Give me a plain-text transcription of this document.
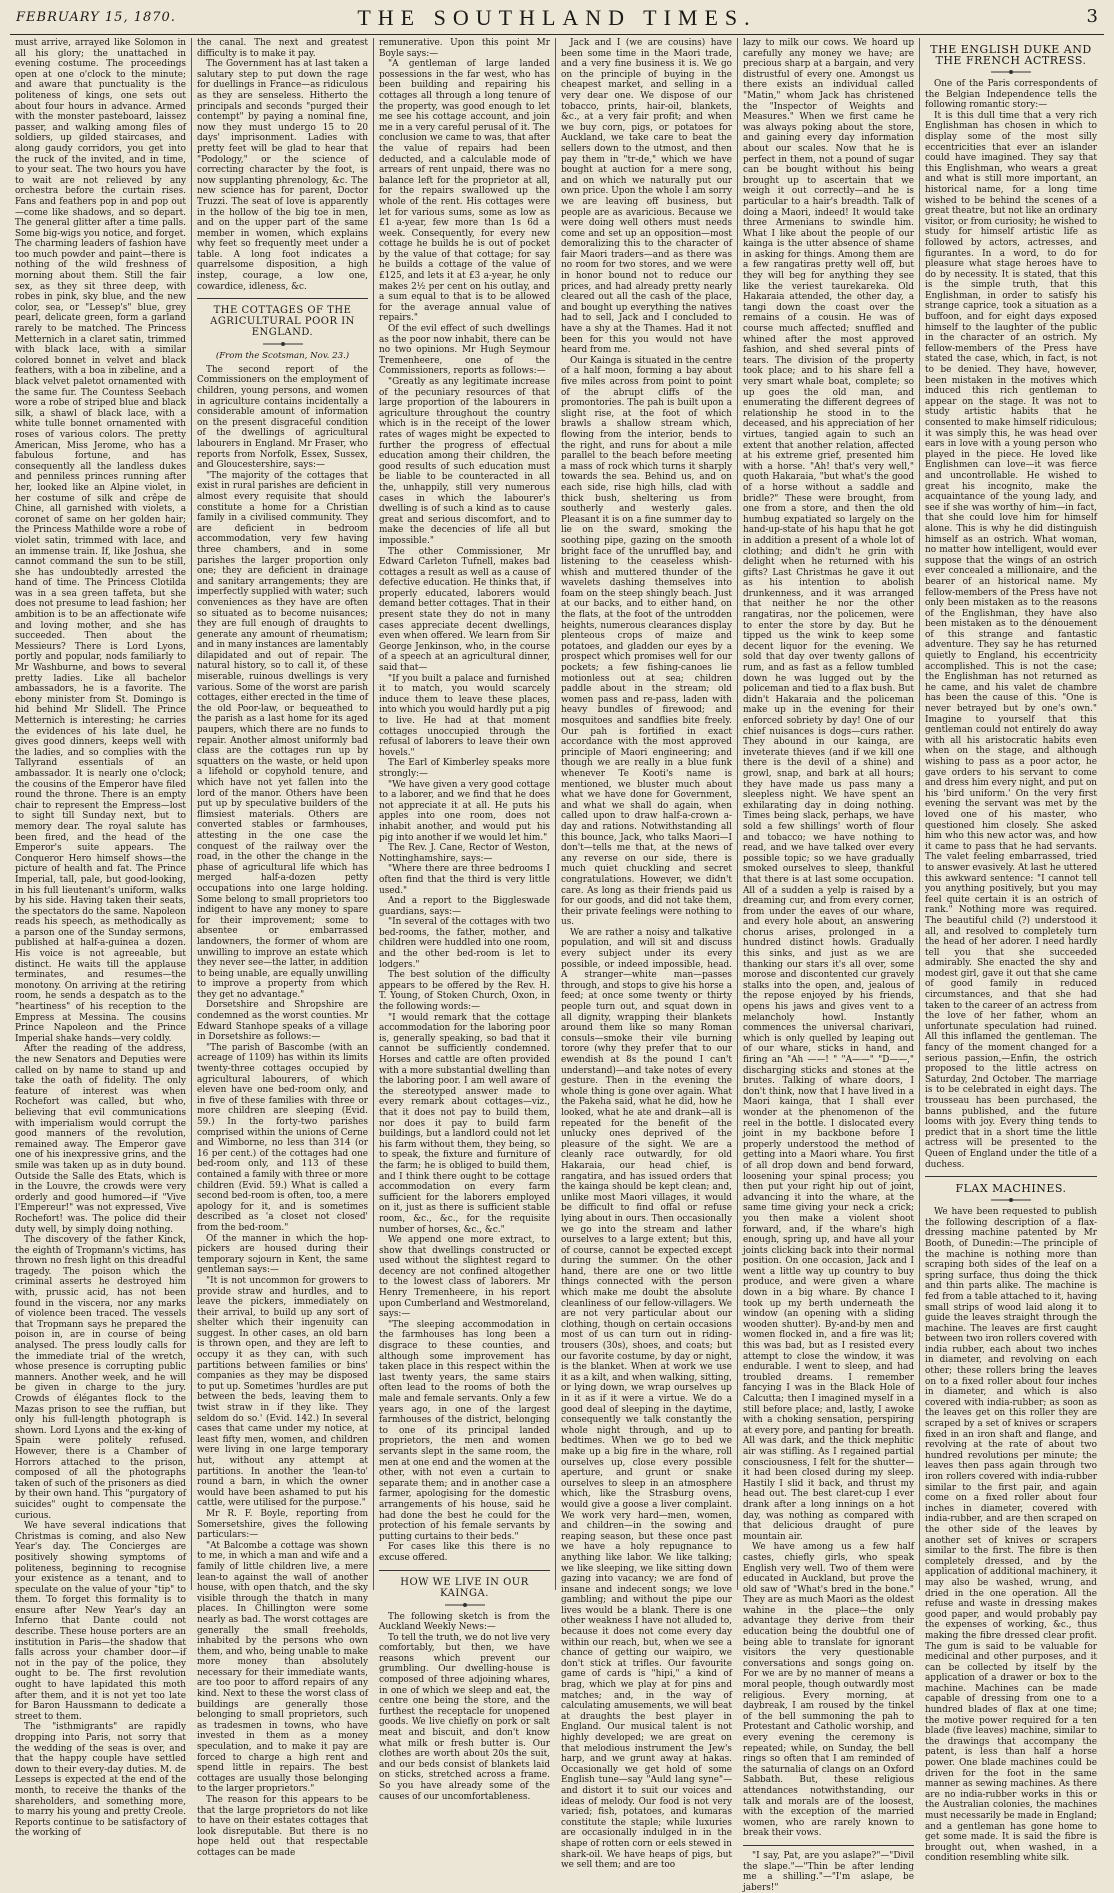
FEBRUARY 15, 1870.	THE SOUTHLAND TIMES.	3

must arrive, arrayed like Solomon in all his glory; the unattached in evening costume. The proceedings open at one o'clock to the minute; and aware that punctuality is the politeness of kings, one sets out about four hours in advance. Armed with the monster pasteboard, laissez passer, and walking among files of soldiers, up gilded staircases, and along gaudy corridors, you get into the ruck of the invited, and in time, to your seat. The two hours you have to wait are not relieved by any orchestra before the curtain rises. Fans and feathers pop in and pop out—come like shadows, and so depart. The general glitter after a time palls. Some big-wigs you notice, and forget. The charming leaders of fashion have too much powder and paint—there is nothing of the wild freshness of morning about them. Still the fair sex, as they sit three deep, with robes in pink, sky blue, and the new color, sea, or "Lessep's" blue, grey pearl, delicate green, form a garland rarely to be matched. The Princess Metternich in a claret satin, trimmed with black lace, with a similar colored bonnet in velvet and black feathers, with a boa in zibeline, and a black velvet paletot ornamented with the same fur. The Countess Seebach wore a robe of striped blue and black silk, a shawl of black lace, with a white tulle bonnet ornamented with roses of various colors. The pretty American, Miss Jerome, who has a fabulous fortune, and has consequently all the landless dukes and penniless princes running after her, looked like an Alpine violet, in her costume of silk and crêpe de Chine, all garnished with violets, a coronet of same on her golden hair; the Princess Mathilde wore a robe of violet satin, trimmed with lace, and an immense train. If, like Joshua, she cannot command the sun to be still, she has undoubtedly arrested the hand of time. The Princess Clotilda was in a sea green taffeta, but she does not presume to lead fashion; her ambition is to be an affectionate wife and loving mother, and she has succeeded. Then about the Messieurs? There is Lord Lyons, portly and popular, nods familiarly to Mr Washburne, and bows to several pretty ladies. Like all bachelor ambassadors, he is a favorite. The ebony minister from St. Domingo is hid behind Mr Slidell. The Prince Metternich is interesting; he carries the evidences of his late duel, he gives good dinners, keeps well with the ladies, and so complies with the Tallyrand essentials of an ambassador. It is nearly one o'clock; the cousins of the Emperor have filed round the throne. There is an empty chair to represent the Empress—lost to sight till Sunday next, but to memory dear. The royal salute has been fired, and the head of the Emperor's suite appears. The Conqueror Hero himself shows—the picture of health and fat. The Prince Imperial, tall, pale, but good-looking, in his full lieutenant's uniform, walks by his side. Having taken their seats, the spectators do the same. Napoleon reads his speech, as methodically as a parson one of the Sunday sermons, published at half-a-guinea a dozen. His voice is not agreeable, but distinct. He waits till the applause terminates, and resumes—the monotony. On arriving at the retiring room, he sends a despatch as to the "heartiness" of his reception to the Empress at Messina. The cousins Prince Napoleon and the Prince Imperial shake hands—very coldly.

After the reading of the address, the new Senators and Deputies were called on by name to stand up and take the oath of fidelity. The only feature of interest was when Rochefort was called, but who, believing that evil communications with imperialism would corrupt the good manners of the revolution, remained away. The Emperor gave one of his inexpressive grins, and the smile was taken up as in duty bound. Outside the Salle des Etats, which is in the Louvre, the crowds were very orderly and good humored—if "Vive l'Empereur!" was not expressed, Vive Rochefort! was. The police did their duty well, by simply doing nothing.

The discovery of the father Kinck, the eighth of Tropmann's victims, has thrown no fresh light on this dreadful tragedy. The poison which the criminal asserts he destroyed him with, prussic acid, has not been found in the viscera, nor any marks of violence been traced. The vessels that Tropmann says he prepared the poison in, are in course of being analysed. The press loudly calls for the immediate trial of the wretch, whose presence is corrupting public manners. Another week, and he will be given in charge to the jury. Crowds of élégantes flock to the Mazas prison to see the ruffian, but only his full-length photograph is shown. Lord Lyons and the ex-king of Spain were politely refused. However, there is a Chamber of Horrors attached to the prison, composed of all the photographs taken of such of the prisoners as died by their own hand. This "purgatory of suicides" ought to compensate the curious.

We have several indications that Christmas is coming, and also New Year's day. The Concierges are positively showing symptoms of politeness, beginning to recognise your existence as a tenant, and to speculate on the value of your "tip" to them. To forget this formality is to ensure after New Year's day an Inferno that Dante could not describe. These house porters are an institution in Paris—the shadow that falls across your chamber door—if not in the pay of the police, they ought to be. The first revolution ought to have lapidated this moth after them, and it is not yet too late for Baron Haussmann to dedicate a street to them.

The "isthmigrants" are rapidly dropping into Paris, not sorry that the wedding of the seas is over, and that the happy couple have settled down to their every-day duties. M. de Lesseps is expected at the end of the month, to receive the thanks of the shareholders, and something more, to marry his young and pretty Creole. Reports continue to be satisfactory of the working of

the canal. The next and greatest difficulty is to make it pay.

The Government has at last taken a salutary step to put down the rage for duellings in France—as ridiculous as they are senseless. Hitherto the principals and seconds "purged their contempt" by paying a nominal fine, now they must undergo 15 to 20 days' imprisonment. Ladies with pretty feet will be glad to hear that "Podology," or the science of correcting character by the foot, is now supplanting phrenology, &c. The new science has for parent, Doctor Truzzi. The seat of love is apparently in the hollow of the big toe in men, and on the upper part of the same member in women, which explains why feet so frequently meet under a table. A long foot indicates a quarrelsome disposition, a high instep, courage, a low one, cowardice, idleness, &c.

THE COTTAGES OF THE AGRICULTURAL POOR IN ENGLAND.
(From the Scotsman, Nov. 23.)

The second report of the Commissioners on the employment of children, young persons, and women in agriculture contains incidentally a considerable amount of information on the present disgraceful condition of the dwellings of agricultural labourers in England. Mr Fraser, who reports from Norfolk, Essex, Sussex, and Gloucestershire, says:—

"The majority of the cottages that exist in rural parishes are deficient in almost every requisite that should constitute a home for a Christian family in a civilised community. They are deficient in bedroom accommodation, very few having three chambers, and in some parishes the larger proportion only one; they are deficient in drainage and sanitary arrangements; they are imperfectly supplied with water; such conveniences as they have are often so situated as to become nuisances; they are full enough of draughts to generate any amount of rheumatism; and in many instances are lamentably dilapidated and out of repair. The natural history, so to call it, of these miserable, ruinous dwellings is very various. Some of the worst are parish cottages, either erected in the time of the old Poor-law, or bequeathed to the parish as a last home for its aged paupers, which there are no funds to repair. Another almost uniformly bad class are the cottages run up by squatters on the waste, or held upon a lifehold or copyhold tenure, and which have not yet fallen into the lord of the manor. Others have been put up by speculative builders of the flimsiest materials. Others are converted stables or farmhouses, attesting in the one case the conquest of the railway over the road, in the other the change in the phase of agricultural life which has merged half-a-dozen petty occupations into one large holding. Some belong to small proprietors too indigent to have any money to spare for their improvement; some to absentee or embarrassed landowners, the former of whom are unwilling to improve an estate which they never see—the latter, in addition to being unable, are equally unwilling to improve a property from which they get no advantage."

Dorsetshire and Shropshire are condemned as the worst counties. Mr Edward Stanhope speaks of a village in Dorsetshire as follows:—

"The parish of Bascombe (with an acreage of 1109) has within its limits twenty-three cottages occupied by agricultural labourers, of which eleven have one bed-room only, and in five of these families with three or more children are sleeping (Evid. 59.) In the forty-two parishes comprised within the unions of Cerne and Wimborne, no less than 314 (or 16 per cent.) of the cottages had one bed-room only, and 113 of these contained a family with three or more children (Evid. 59.) What is called a second bed-room is often, too, a mere apology for it, and is sometimes described as 'a closet not closed' from the bed-room."

Of the manner in which the hop-pickers are housed during their temporary sojourn in Kent, the same gentleman says:—

"It is not uncommon for growers to provide straw and hurdles, and to leave the pickers, immediately on their arrival, to build up any sort of shelter which their ingenuity can suggest. In other cases, an old barn is thrown open, and they are left to occupy it as they can, with such partitions between families or bins' companies as they may be disposed to put up. Sometimes 'hurdles are put between the beds, leaving them to twist straw in if they like. They seldom do so.' (Evid. 142.) In several cases that came under my notice, at least fifty men, women, and children were living in one large temporary hut, without any attempt at partitions. In another the 'lean-to' round a barn, in which the owner would have been ashamed to put his cattle, were utilised for the purpose."

Mr R. F. Boyle, reporting from Somersetshire, gives the following particulars:—

"At Balcombe a cottage was shown to me, in which a man and wife and a family of little children live, a mere lean-to against the wall of another house, with open thatch, and the sky visible through the thatch in many places. In Chillington were some nearly as bad. The worst cottages are generally the small freeholds, inhabited by the persons who own them, and who, being unable to make more money than absolutely necessary for their immediate wants, are too poor to afford repairs of any kind. Next to these the worst class of buildings are generally those belonging to small proprietors, such as tradesmen in towns, who have invested in them as a money speculation, and to make it pay are forced to charge a high rent and spend little in repairs. The best cottages are usually those belonging to the larger proprietors."

The reason for this appears to be that the large proprietors do not like to have on their estates cottages that look disreputable. But there is no hope held out that respectable cottages can be made

remunerative. Upon this point Mr Boyle says:—

"A gentleman of large landed possessions in the far west, who has been building and repairing his cottages all through a long tenure of the property, was good enough to let me see his cottage account, and join me in a very careful perusal of it. The conclusion we came to was, that after the value of repairs had been deducted, and a calculable mode of arrears of rent unpaid, there was no balance left for the proprietor at all, for the repairs swallowed up the whole of the rent. His cottages were let for various sums, some as low as £1 a-year, few more than 1s 6d a week. Consequently, for every new cottage he builds he is out of pocket by the value of that cottage; for say he builds a cottage of the value of £125, and lets it at £3 a-year, he only makes 2½ per cent on his outlay, and a sum equal to that is to be allowed for the average annual value of repairs."

Of the evil effect of such dwellings as the poor now inhabit, there can be no two opinions. Mr Hugh Seymour Tremenheere, one of the Commissioners, reports as follows:—

"Greatly as any legitimate increase of the pecuniary resources of that large proportion of the labourers in agriculture throughout the country which is in the receipt of the lower rates of wages might be expected to further the progress of effectual education among their children, the good results of such education must be liable to be counteracted in all the, unhappily, still very numerous cases in which the labourer's dwelling is of such a kind as to cause great and serious discomfort, and to make the decencies of life all but impossible."

The other Commissioner, Mr Edward Carleton Tufnell, makes bad cottages a result as well as a cause of defective education. He thinks that, if properly educated, laborers would demand better cottages. That in their present state they do not in many cases appreciate decent dwellings, even when offered. We learn from Sir George Jenkinson, who, in the course of a speech at an agricultural dinner, said that—

"If you built a palace and furnished it to match, you would scarcely induce them to leave these places, into which you would hardly put a pig to live. He had at that moment cottages unoccupied through the refusal of laborers to leave their own hovels."

The Earl of Kimberley speaks more strongly:—

"We have given a very good cottage to a laborer, and we find that he does not appreciate it at all. He puts his apples into one room, does not inhabit another, and would put his pig into another if we would let him."

The Rev. J. Cane, Rector of Weston, Nottinghamshire, says:—

"Where there are three bedrooms I often find that the third is very little used."

And a report to the Biggleswade guardians, says:—

"In several of the cottages with two bed-rooms, the father, mother, and children were huddled into one room, and the other bed-room is let to lodgers."

The best solution of the difficulty appears to be offered by the Rev. H. T. Young, of Stoken Church, Oxon, in the following words:—

"I would remark that the cottage accommodation for the laboring poor is, generally speaking, so bad that it cannot be sufficiently condemned. Horses and cattle are often provided with a more substantial dwelling than the laboring poor. I am well aware of the stereotyped answer made to every remark about cottages—viz., that it does not pay to build them, nor does it pay to build farm buildings, but a landlord could not let his farm without them, they being, so to speak, the fixture and furniture of the farm; he is obliged to build them, and I think there ought to be cottage accommodation on every farm sufficient for the laborers employed on it, just as there is sufficient stable room, &c., &c., for the requisite number of horses, &c., &c."

We append one more extract, to show that dwellings constructed or used without the slightest regard to decency are not confined altogether to the lowest class of laborers. Mr Henry Tremenheere, in his report upon Cumberland and Westmoreland, says:—

"The sleeping accommodation in the farmhouses has long been a disgrace to these counties, and although some improvement has taken place in this respect within the last twenty years, the same stairs often lead to the rooms of both the male and female servants. Only a few years ago, in one of the largest farmhouses of the district, belonging to one of its principal landed proprietors, the men and women servants slept in the same room, the men at one end and the women at the other, with not even a curtain to separate them; and in another case a farmer, apologising for the domestic arrangements of his house, said he had done the best he could for the protection of his female servants by putting curtains to their beds."

For cases like this there is no excuse offered.

HOW WE LIVE IN OUR KAINGA.

The following sketch is from the Auckland Weekly News:—

To tell the truth, we do not live very comfortably, but then, we have reasons which prevent our grumbling. Our dwelling-house is composed of three adjoining whares, in one of which we sleep and eat, the centre one being the store, and the furthest the receptacle for unopened goods. We live chiefly on pork or salt meat and biscuit, and don't know what milk or fresh butter is. Our clothes are worth about 20s the suit, and our beds consist of blankets laid on sticks, stretched across a frame. So you have already some of the causes of our uncomfortableness.

Jack and I (we are cousins) have been some time in the Maori trade, and a very fine business it is. We go on the principle of buying in the cheapest market, and selling in a very dear one. We dispose of our tobacco, prints, hair-oil, blankets, &c., at a very fair profit; and when we buy corn, pigs, or potatoes for Auckland, we take care to beat the sellers down to the utmost, and then pay them in "tr-de," which we have bought at auction for a mere song, and on which we naturally put our own price. Upon the whole I am sorry we are leaving off business, but people are as avaricious. Because we were doing well others must needs come and set up an opposition—most demoralizing this to the character of fair Maori traders—and as there was no room for two stores, and we were in honor bound not to reduce our prices, and had already pretty nearly cleared out all the cash of the place, and bought up everything the natives had to sell, Jack and I concluded to have a shy at the Thames. Had it not been for this you would not have heard from me.

Our Kainga is situated in the centre of a half moon, forming a bay about five miles across from point to point of the abrupt cliffs of the promontories. The pah is built upon a slight rise, at the foot of which brawls a shallow stream which, flowing from the interior, bends to the right, and runs for about a mile parallel to the beach before meeting a mass of rock which turns it sharply towards the sea. Behind us, and on each side, rise high hills, clad with thick bush, sheltering us from southerly and westerly gales. Pleasant it is on a fine summer day to lie on the sward, smoking the soothing pipe, gazing on the smooth bright face of the unruffled bay, and listening to the ceaseless whish-whish and muttered thunder of the wavelets dashing themselves into foam on the steep shingly beach. Just at our backs, and to either hand, on the flats, at the foot of the untrodden heights, numerous clearances display plenteous crops of maize and potatoes, and gladden our eyes by a prospect which promises well for our pockets; a few fishing-canoes lie motionless out at sea; children paddle about in the stream; old women pass and re-pass, laden with heavy bundles of firewood; and mosquitoes and sandflies bite freely. Our pah is fortified in exact accordance with the most approved principle of Maori engineering; and though we are really in a blue funk whenever Te Kooti's name is mentioned, we bluster much about what we have done for Government, and what we shall do again, when called upon to draw half-a-crown a-day and rations. Notwithstanding all this bounce, Jack, who talks Maori—I don't—tells me that, at the news of any reverse on our side, there is much quiet chuckling and secret congratulations. However, we didn't care. As long as their friends paid us for our goods, and did not take them, their private feelings were nothing to us.

We are rather a noisy and talkative population, and will sit and discuss every subject under its every possible, or indeed impossible, head. A stranger—white man—passes through, and stops to give his horse a feed; at once some twenty or thirty people turn out, and squat down in all dignity, wrapping their blankets around them like so many Roman consuls—smoke their vile burning torore (why they prefer that to our ewendish at 8s the pound I can't understand)—and take notes of every gesture. Then in the evening the whole thing is gone over again. What the Pakeha said, what he did, how he looked, what he ate and drank—all is repeated for the benefit of the unlucky ones deprived of the pleasure of the sight. We are a cleanly race outwardly, for old Hakaraia, our head chief, is rangatira, and has issued orders that the kainga should be kept clean; and, unlike most Maori villages, it would be difficult to find offal or refuse lying about in ours. Then occasionally we go into the stream and lather ourselves to a large extent; but this, of course, cannot be expected except during the summer. On the other hand, there are one or two little things connected with the person which make me doubt the absolute cleanliness of our fellow-villagers. We are not very particular about our clothing, though on certain occasions most of us can turn out in riding-trousers (30s), shoes, and coats; but our favorite costume, by day or night, is the blanket. When at work we use it as a kilt, and when walking, sitting, or lying down, we wrap ourselves up in it as if it were a virtue. We do a good deal of sleeping in the daytime, consequently we talk constantly the whole night through, and up to bedtimes. When we go to bed we make up a big fire in the whare, roll ourselves up, close every possible aperture, and grunt or snake ourselves to sleep in an atmosphere which, like the Strasburg ovens, would give a goose a liver complaint. We work very hard—men, women, and children—in the sowing and reaping season, but these once past we have a holy repugnance to anything like labor. We like talking; we like sleeping, we like sitting down gazing into vacancy; we are fond of insane and indecent songs; we love gambling; and without the pipe our lives would be a blank. There is one other weakness I have not alluded to, because it does not come every day within our reach, but, when we see a chance of getting our waipiro, we don't stick at trifles. Our favourite game of cards is "hipi," a kind of brag, which we play at for pins and matches; and, in the way of calculating amusements, we will beat at draughts the best player in England. Our musical talent is not highly developed; we are great on that melodious instrument the Jew's harp, and we grunt away at hakas. Occasionally we get hold of some English tune—say "Auld lang syne"—and distort it to suit our voices and ideas of melody. Our food is not very varied; fish, potatoes, and kumaras constitute the staple; while luxuries are occasionally indulged in in the shape of rotten corn or eels stewed in shark-oil. We have heaps of pigs, but we sell them; and are too

lazy to milk our cows. We hoard up carefully any money we have; are precious sharp at a bargain, and very distrustful of every one. Amongst us there exists an individual called "Matin," whom Jack has christened the "Inspector of Weights and Measures." When we first came he was always poking about the store, and gaining every day information about our scales. Now that he is perfect in them, not a pound of sugar can be bought without his being brought up to ascertain that we weigh it out correctly—and he is particular to a hair's breadth. Talk of doing a Maori, indeed! It would take three Armenians to swindle him. What I like about the people of our kainga is the utter absence of shame in asking for things. Among them are a few rangatiras pretty well off, but they will beg for anything they see like the veriest taurekareka. Old Hakaraia attended, the other day, a tangi down the coast over the remains of a cousin. He was of course much affected; snuffled and whined after the most approved fashion, and shed several pints of tears. The division of the property took place; and to his share fell a very smart whale boat, complete; so up goes the old man, and enumerating the different degrees of relationship he stood in to the deceased, and his appreciation of her virtues, tangied again to such an extent that another relation, affected at his extreme grief, presented him with a horse. "Ah! that's very well," quoth Hakaraia, "but what's the good of a horse without a saddle and bridle?" These were brought, from one from a store, and then the old humbug expatiated so largely on the hand-up-state of his hapu that he got in addition a present of a whole lot of clothing; and didn't he grin with delight when he returned with his gifts? Last Christmas he gave it out as his intention to abolish drunkenness, and it was arranged that neither he nor the other rangatiras, nor the policemen, were to enter the store by day. But he tipped us the wink to keep some decent liquor for the evening. We sold that day over twenty gallons of rum, and as fast as a fellow tumbled down he was lugged out by the policeman and tied to a flax bush. But didn't Hakaraia and the policeman make up in the evening for their enforced sobriety by day! One of our chief nuisances is dogs—curs rather. They abound in our kainga, are inveterate thieves (and if we kill one there is the devil of a shine) and growl, snap, and bark at all hours; they have made us pass many a sleepless night. We have spent an exhilarating day in doing nothing. Times being slack, perhaps, we have sold a few shillings' worth of flour and tobacco; we have nothing to read, and we have talked over every possible topic; so we have gradually smoked ourselves to sleep, thankful that there is at last some occupation. All of a sudden a yelp is raised by a dreaming cur, and from every corner, from under the eaves of our whare, and every hole about, an answering chorus arises, prolonged in a hundred distinct howls. Gradually this sinks, and just as we are thanking our stars it's all over, some morose and discontented cur gravely stalks into the open, and, jealous of the repose enjoyed by his friends, opens his jaws and gives vent to a melancholy howl. Instantly commences the universal charivari, which is only quelled by leaping out of our whare, sticks in hand, and firing an "Ah ——! " "A——" "D——," discharging sticks and stones at the brutes. Talking of whare doors, I don't think, now that I have lived in a Maori kainga, that I shall ever wonder at the phenomenon of the reel in the bottle. I dislocated every joint in my backbone before I properly understood the method of getting into a Maori whare. You first of all drop down and bend forward, loosening your spinal process; you then put your right hip out of joint, advancing it into the whare, at the same time giving your neck a crick; you then make a violent shoot forward, and, if the whare's high enough, spring up, and have all your joints clicking back into their normal position. On one occasion, Jack and I went a little way up country to buy produce, and were given a whare down in a big whare. By chance I took up my berth underneath the window (an opening with a sliding wooden shutter). By-and-by men and women flocked in, and a fire was lit; this was bad, but as I resisted every attempt to close the window, it was endurable. I went to sleep, and had troubled dreams. I remember fancying I was in the Black Hole of Calcutta; then I imagined myself in a still before place; and, lastly, I awoke with a choking sensation, perspiring at every pore, and panting for breath. All was dark, and the thick mephitic air was stifling. As I regained partial consciousness, I felt for the shutter—it had been closed during my sleep. Hastily I slid it back, and thrust my head out. The best claret-cup I ever drank after a long innings on a hot day, was nothing as compared with that delicious draught of pure mountain air.

We have among us a few half castes, chiefly girls, who speak English very well. Two of them were educated in Auckland, but prove the old saw of "What's bred in the bone." They are as much Maori as the oldest wahine in the place—the only advantage they derive from their education being the doubtful one of being able to translate for ignorant visitors the very questionable conversations and songs going on. For we are by no manner of means a moral people, though outwardly most religious. Every morning, at daybreak, I am roused by the tinkel of the bell summoning the pah to Protestant and Catholic worship, and every evening the ceremony is repeated; while, on Sunday, the bell rings so often that I am reminded of the saturnalia of clangs on an Oxford Sabbath. But, these religious attendances notwithstanding, our talk and morals are of the loosest, with the exception of the married women, who are rarely known to break their vows.

"I say, Pat, are you aslape?"—"Divil the slape."—"Thin be after lending me a shilling."—"I'm aslape, be jabers!"

THE ENGLISH DUKE AND THE FRENCH ACTRESS.

One of the Paris correspondents of the Belgian Independence tells the following romantic story:—

It is this dull time that a very rich Englishman has chosen in which to display some of the most silly eccentricities that ever an islander could have imagined. They say that this Englishman, who wears a great and what is still more important, an historical name, for a long time wished to be behind the scenes of a great theatre, but not like an ordinary visitor, or from curiosity; he wished to study for himself artistic life as followed by actors, actresses, and figurantes. In a word, to do for pleasure what stage heroes have to do by necessity. It is stated, that this is the simple truth, that this Englishman, in order to satisfy his strange caprice, took a situation as a buffoon, and for eight days exposed himself to the laughter of the public in the character of an ostrich. My fellow-members of the Press have stated the case, which, in fact, is not to be denied. They have, however, been mistaken in the motives which induced this rich gentleman to appear on the stage. It was not to study artistic habits that he consented to make himself ridiculous; it was simply this, he was head over ears in love with a young person who played in the piece. He loved like Englishmen can love—it was fierce and uncontrollable. He wished to great his incognito, make the acquaintance of the young lady, and see if she was worthy of him—in fact, that she could love him for himself alone. This is why he did distinguish himself as an ostrich. What woman, no matter how intelligent, would ever suppose that the wings of an ostrich ever concealed a millionaire, and the bearer of an historical name. My fellow-members of the Press have not only been mistaken as to the reasons of the Englishman, they have also been mistaken as to the dénouement of this strange and fantastic adventure. They say he has returned quietly to England, his eccentricity accomplished. This is not the case; the Englishman has not returned as he came, and his valet de chambre has been the cause of this. "One is never betrayed but by one's own." Imagine to yourself that this gentleman could not entirely do away with all his aristocratic habits even when on the stage, and although wishing to pass as a poor actor, he gave orders to his servant to come and dress him every night, and put on his 'bird uniform.' On the very first evening the servant was met by the loved one of his master, who questioned him closely. She asked him who this new actor was, and how it came to pass that he had servants. The valet feeling embarrassed, tried to answer evasively. At last he uttered this awkward sentence: "I cannot tell you anything positively, but you may feel quite certain it is an ostrich of rank." Nothing more was required. The beautiful child (?) understood it all, and resolved to completely turn the head of her adorer. I need hardly tell you that she succeeded admirably. She enacted the shy and modest girl, gave it out that she came of good family in reduced circumstances, and that she had taken to the career of an actress from the love of her father, whom an unfortunate speculation had ruined. All this inflamed the gentleman. The fancy of the moment changed for a serious passion,—Enfin, the ostrich proposed to the little actress on Saturday, 2nd October. The marriage is to be celebrated in eight days. The trousseau has been purchased, the banns published, and the future looms with joy. Every thing tends to predict that in a short time the little actress will be presented to the Queen of England under the title of a duchess.

FLAX MACHINES.

We have been requested to publish the following description of a flax-dressing machine patented by Mr Booth, of Dunedin:—The principle of the machine is nothing more than scraping both sides of the leaf on a spring surface, thus doing the thick and thin parts alike. The machine is fed from a table attached to it, having small strips of wood laid along it to guide the leaves straight through the machine. The leaves are first caught between two iron rollers covered with india rubber, each about two inches in diameter, and revolving on each other; these rollers bring the leaves on to a fixed roller about four inches in diameter, and which is also covered with india-rubber; as soon as the leaves get on this roller they are scraped by a set of knives or scrapers fixed in an iron shaft and flange, and revolving at the rate of about two hundred revolutions per minute; the leaves then pass again through two iron rollers covered with india-rubber similar to the first pair, and again come on a fixed roller about four inches in diameter, covered with india-rubber, and are then scraped on the other side of the leaves by another set of knives or scrapers similar to the first. The fibre is then completely dressed, and by the application of additional machinery, it may also be washed, wrung, and dried in the one operation. All the refuse and waste in dressing makes good paper, and would probably pay the expenses of working, &c., thus making the fibre dressed clear profit. The gum is said to be valuable for medicinal and other purposes, and it can be collected by itself by the application of a drawer or box to the machine. Machines can be made capable of dressing from one to a hundred blades of flax at one time; the motive power required for a ten blade (five leaves) machine, similar to the drawings that accompany the patent, is less than half a horse power. One blade machines could be driven for the foot in the same manner as sewing machines. As there are no india-rubber works in this or the Australian colonies, the machines must necessarily be made in England; and a gentleman has gone home to get some made. It is said the fibre is brought out, when washed, in a condition resembling white silk.
